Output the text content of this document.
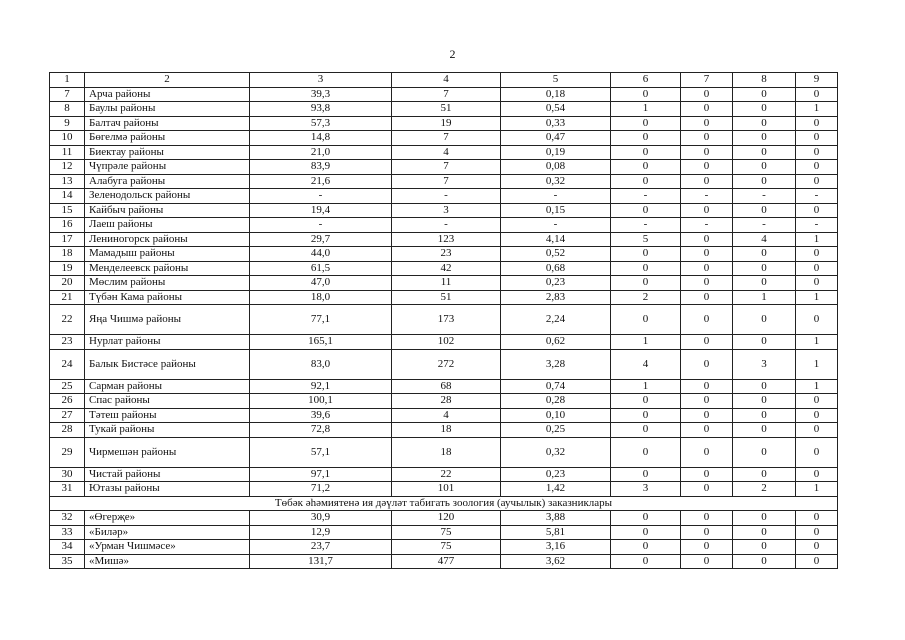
2
1	2	3	4	5	6	7	8	9
7	Арча районы	39,3	7	0,18	0	0	0	0
8	Баулы районы	93,8	51	0,54	1	0	0	1
9	Балтач районы	57,3	19	0,33	0	0	0	0
10	Бөгелмә районы	14,8	7	0,47	0	0	0	0
11	Биектау районы	21,0	4	0,19	0	0	0	0
12	Чүпрәле районы	83,9	7	0,08	0	0	0	0
13	Алабуга районы	21,6	7	0,32	0	0	0	0
14	Зеленодольск районы	-	-	-	-	-	-	-
15	Кайбыч районы	19,4	3	0,15	0	0	0	0
16	Лаеш районы	-	-	-	-	-	-	-
17	Лениногорск районы	29,7	123	4,14	5	0	4	1
18	Мамадыш районы	44,0	23	0,52	0	0	0	0
19	Менделеевск районы	61,5	42	0,68	0	0	0	0
20	Мөслим районы	47,0	11	0,23	0	0	0	0
21	Түбән Кама районы	18,0	51	2,83	2	0	1	1
22	Яңа Чишмә районы	77,1	173	2,24	0	0	0	0
23	Нурлат районы	165,1	102	0,62	1	0	0	1
24	Балык Бистәсе районы	83,0	272	3,28	4	0	3	1
25	Сарман районы	92,1	68	0,74	1	0	0	1
26	Спас районы	100,1	28	0,28	0	0	0	0
27	Тәтеш районы	39,6	4	0,10	0	0	0	0
28	Тукай районы	72,8	18	0,25	0	0	0	0
29	Чирмешән районы	57,1	18	0,32	0	0	0	0
30	Чистай районы	97,1	22	0,23	0	0	0	0
31	Ютазы районы	71,2	101	1,42	3	0	2	1
Төбәк әһәмиятенә ия дәүләт табигать зоология (аучылык) заказниклары								
32	«Өгерҗе»	30,9	120	3,88	0	0	0	0
33	«Биләр»	12,9	75	5,81	0	0	0	0
34	«Урман Чишмәсе»	23,7	75	3,16	0	0	0	0
35	«Мишә»	131,7	477	3,62	0	0	0	0
